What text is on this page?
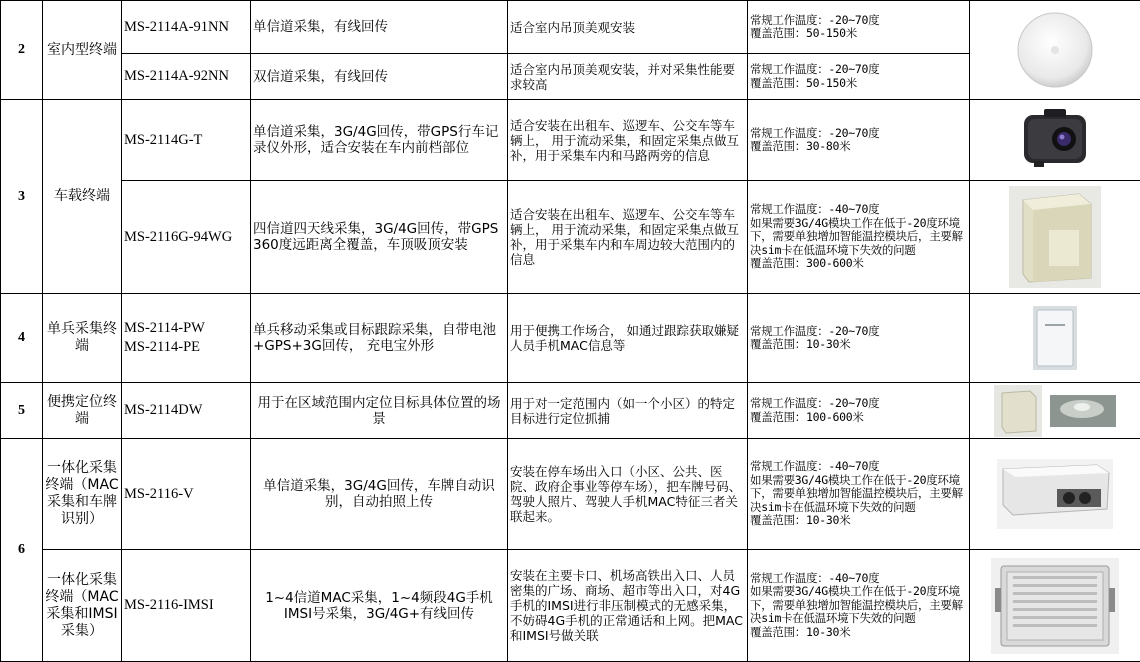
2	室内型终端	MS-2114A-91NN	单信道采集，有线回传	适合室内吊顶美观安装	常规工作温度：-20~70度
覆盖范围：50-150米

		MS-2114A-92NN	双信道采集，有线回传	适合室内吊顶美观安装，并对采集性能要求较高	常规工作温度：-20~70度
覆盖范围：50-150米	

3	车载终端	MS-2114G-T	单信道采集，3G/4G回传，带GPS行车记录仪外形，适合安装在车内前档部位	适合安装在出租车、巡逻车、公交车等车辆上， 用于流动采集，和固定采集点做互补，用于采集车内和马路两旁的信息	常规工作温度：-20~70度
覆盖范围：30-80米

		MS-2116G-94WG	四信道四天线采集，3G/4G回传，带GPS
360度远距离全覆盖，车顶吸顶安装	适合安装在出租车、巡逻车、公交车等车辆上， 用于流动采集，和固定采集点做互补，用于采集车内和车周边较大范围内的信息	常规工作温度：-40~70度
如果需要3G/4G模块工作在低于-20度环境下，需要单独增加智能温控模块后，主要解决sim卡在低温环境下失效的问题
覆盖范围：300-600米

4	单兵采集终端	MS-2114-PW
MS-2114-PE	单兵移动采集或目标跟踪采集，自带电池+GPS+3G回传， 充电宝外形	用于便携工作场合， 如通过跟踪获取嫌疑人员手机MAC信息等	常规工作温度：-20~70度
覆盖范围：10-30米

5	便携定位终端	MS-2114DW	用于在区域范围内定位目标具体位置的场景	用于对一定范围内（如一个小区）的特定目标进行定位抓捕	常规工作温度：-20~70度
覆盖范围：100-600米

6	一体化采集终端（MAC采集和车牌识别）	MS-2116-V	单信道采集，3G/4G回传，车牌自动识别，自动拍照上传	安装在停车场出入口（小区、公共、医院、政府企事业等停车场），把车牌号码、驾驶人照片、驾驶人手机MAC特征三者关联起来。	常规工作温度：-40~70度
如果需要3G/4G模块工作在低于-20度环境下，需要单独增加智能温控模块后，主要解决sim卡在低温环境下失效的问题
覆盖范围：10-30米

	一体化采集终端（MAC采集和IMSI采集）	MS-2116-IMSI	1~4信道MAC采集，1~4频段4G手机IMSI号采集，3G/4G+有线回传	安装在主要卡口、机场高铁出入口、人员密集的广场、商场、超市等出入口，对4G手机的IMSI进行非压制模式的无感采集，不妨碍4G手机的正常通话和上网。把MAC和IMSI号做关联	常规工作温度：-40~70度
如果需要3G/4G模块工作在低于-20度环境下，需要单独增加智能温控模块后，主要解决sim卡在低温环境下失效的问题
覆盖范围：10-30米
